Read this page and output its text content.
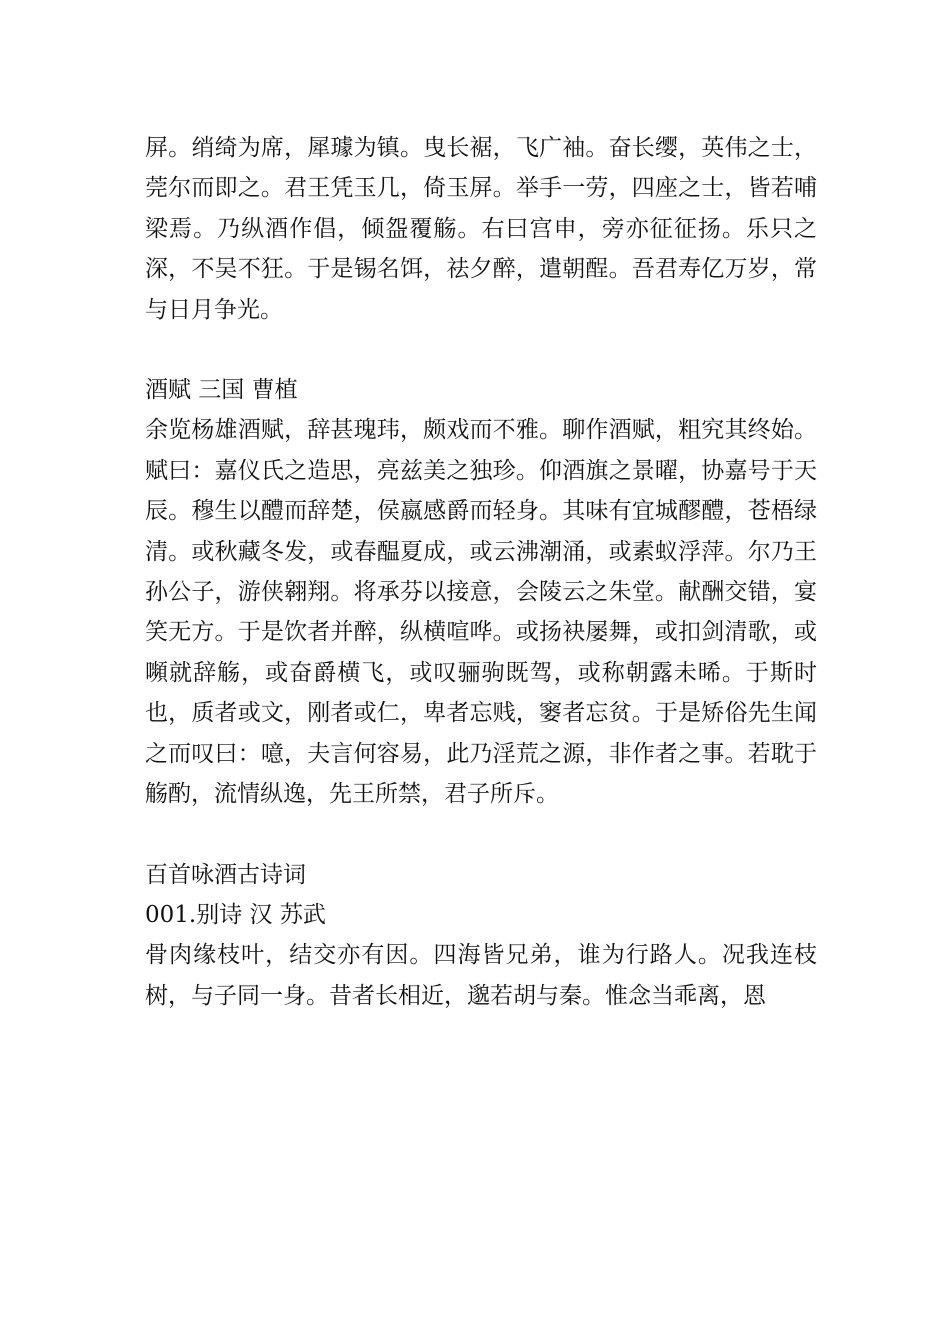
屏。绡绮为席，犀璩为镇。曳长裾，飞广袖。奋长缨，英伟之士，莞尔而即之。君王凭玉几，倚玉屏。举手一劳，四座之士，皆若哺梁焉。乃纵酒作倡，倾盌覆觞。右曰宫申，旁亦征征扬。乐只之深，不吴不狂。于是锡名饵，祛夕醉，遣朝酲。吾君寿亿万岁，常与日月争光。

酒赋 三国 曹植

余览杨雄酒赋，辞甚瑰玮，颇戏而不雅。聊作酒赋，粗究其终始。赋曰：嘉仪氏之造思，亮兹美之独珍。仰酒旗之景曜，协嘉号于天辰。穆生以醴而辞楚，侯嬴感爵而轻身。其味有宜城醪醴，苍梧绿清。或秋藏冬发，或春醖夏成，或云沸潮涌，或素蚁浮萍。尔乃王孙公子，游侠翱翔。将承芬以接意，会陵云之朱堂。献酬交错，宴笑无方。于是饮者并醉，纵横喧哗。或扬袂屡舞，或扣剑清歌，或嚬就辞觞，或奋爵横飞，或叹骊驹既驾，或称朝露未晞。于斯时也，质者或文，刚者或仁，卑者忘贱，窭者忘贫。于是矫俗先生闻之而叹曰：噫，夫言何容易，此乃淫荒之源，非作者之事。若耽于觞酌，流情纵逸，先王所禁，君子所斥。

百首咏酒古诗词

001.别诗 汉 苏武

骨肉缘枝叶，结交亦有因。四海皆兄弟，谁为行路人。况我连枝树，与子同一身。昔者长相近，邈若胡与秦。惟念当乖离，恩
